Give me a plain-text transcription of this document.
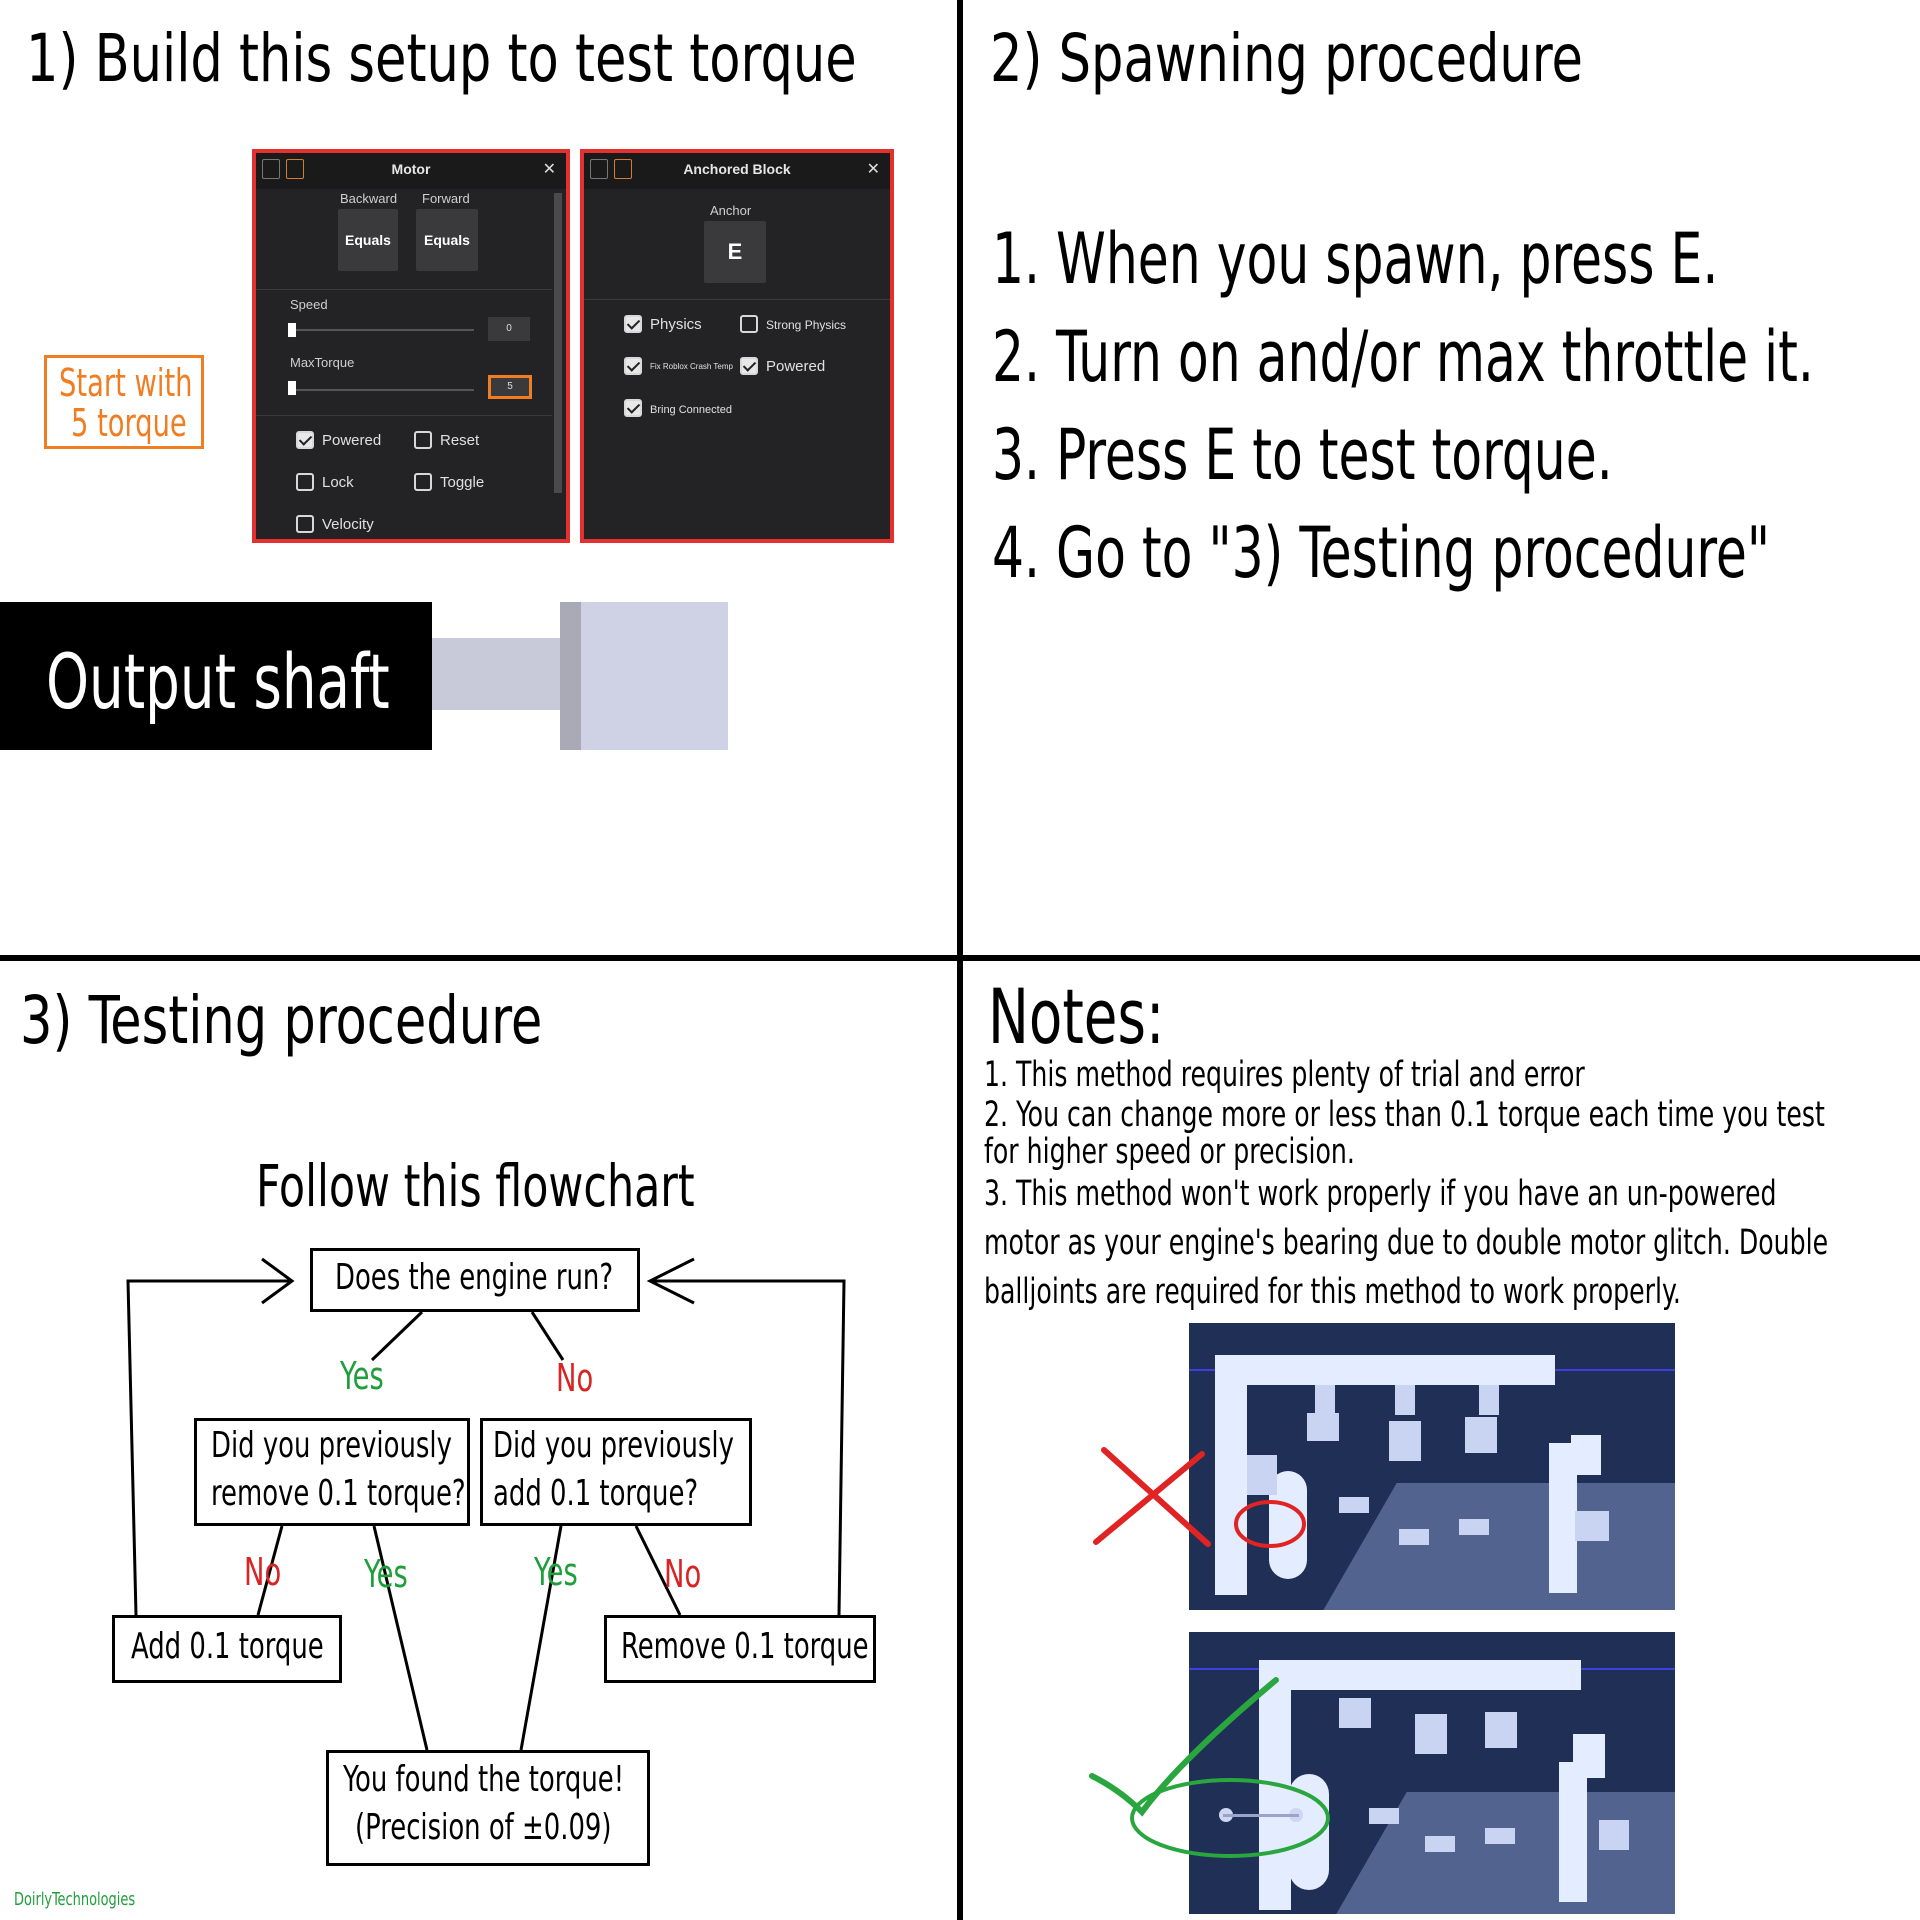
1) Build this setup to test torque
Motor	✕
Backward Forward
Equals	Equals
Speed
0
MaxTorque
5
Powered	Reset
Lock	Toggle
Velocity
Anchored Block	✕
Anchor
E
Physics	Strong Physics
Fix Roblox Crash Temp Powered
Bring Connected
Start with
5 torque
Output shaft
2) Spawning procedure
1. When you spawn, press E.
2. Turn on and/or max throttle it.
3. Press E to test torque.
4. Go to "3) Testing procedure"
3) Testing procedure
Follow this flowchart
Does the engine run?
Yes	No
Did you previously
remove 0.1 torque?
Did you previously
add 0.1 torque?
No Yes	Yes No
Add 0.1 torque	Remove 0.1 torque
You found the torque!
(Precision of ±0.09)
DoirlyTechnologies
Notes:
1. This method requires plenty of trial and error
2. You can change more or less than 0.1 torque each time you test
for higher speed or precision.
3. This method won't work properly if you have an un-powered
motor as your engine's bearing due to double motor glitch. Double
balljoints are required for this method to work properly.
